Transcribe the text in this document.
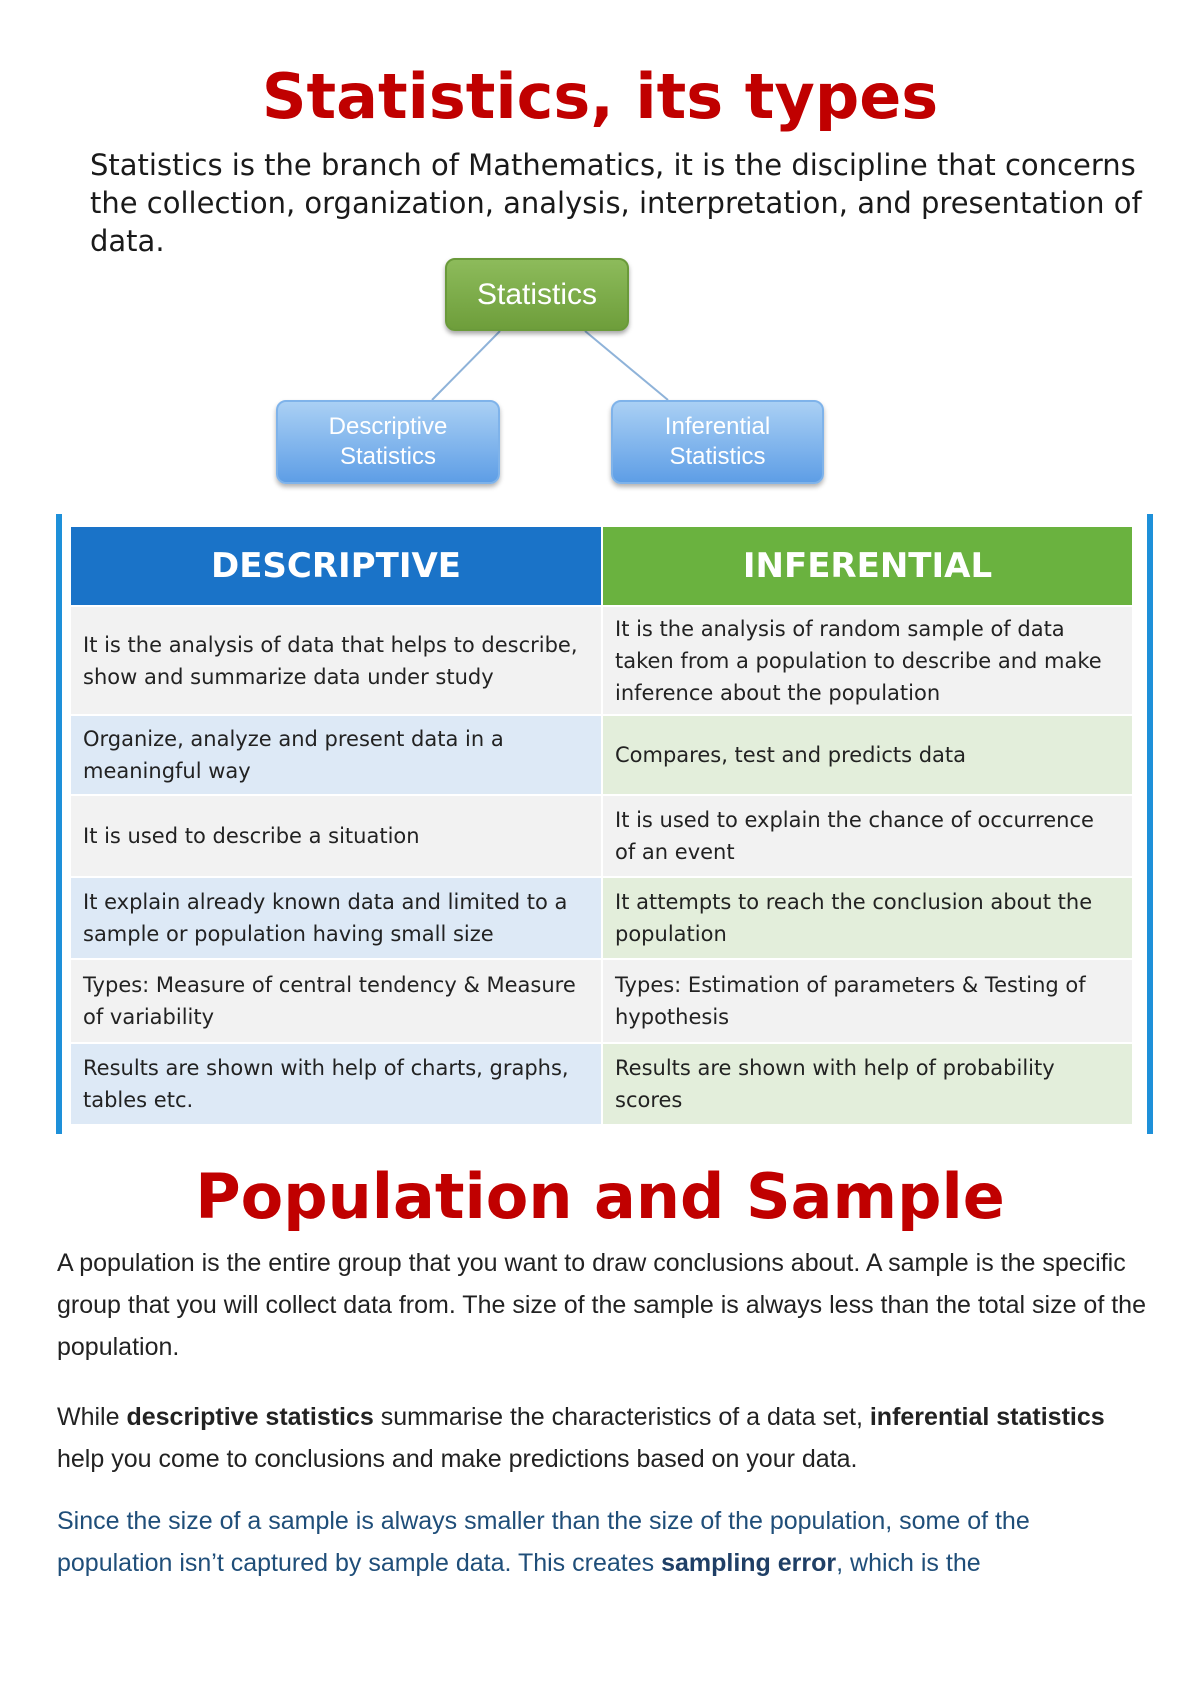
Statistics, its types

Statistics is the branch of Mathematics, it is the discipline that concerns the collection, organization, analysis, interpretation, and presentation of data.

Statistics
Descriptive
Statistics
Inferential
Statistics
DESCRIPTIVE	INFERENTIAL
It is the analysis of data that helps to describe, show and summarize data under study
It is the analysis of random sample of data taken from a population to describe and make inference about the population
Organize, analyze and present data in a meaningful way
Compares, test and predicts data
It is used to describe a situation
It is used to explain the chance of occurrence of an event
It explain already known data and limited to a sample or population having small size
It attempts to reach the conclusion about the population
Types: Measure of central tendency & Measure of variability
Types: Estimation of parameters & Testing of hypothesis
Results are shown with help of charts, graphs, tables etc.
Results are shown with help of probability scores
Population and Sample

A population is the entire group that you want to draw conclusions about. A sample is the specific group that you will collect data from. The size of the sample is always less than the total size of the population.

While descriptive statistics summarise the characteristics of a data set, inferential statistics help you come to conclusions and make predictions based on your data.

Since the size of a sample is always smaller than the size of the population, some of the population isn’t captured by sample data. This creates sampling error, which is the
